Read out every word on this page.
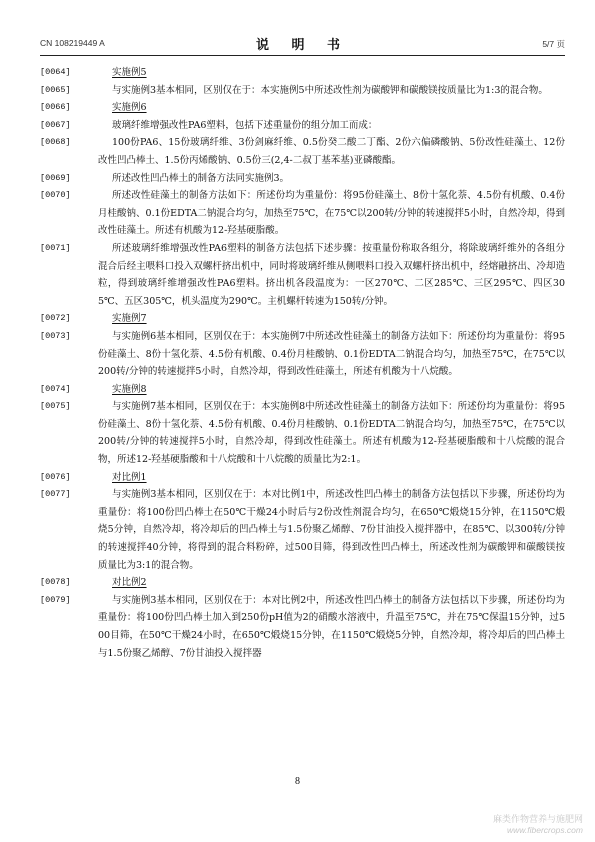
CN 108219449 A	说 明 书	5/7 页
[0064]	实施例5
[0065]	与实施例3基本相同，区别仅在于：本实施例5中所述改性剂为碳酸钾和碳酸镁按质量比为1:3的混合物。
[0066]	实施例6
[0067]	玻璃纤维增强改性PA6塑料，包括下述重量份的组分加工而成：
[0068]	100份PA6、15份玻璃纤维、3份剑麻纤维、0.5份癸二酸二丁酯、2份六偏磷酸钠、5份改性硅藻土、12份改性凹凸棒土、1.5份丙烯酸钠、0.5份三(2,4-二叔丁基苯基)亚磷酸酯。
[0069]	所述改性凹凸棒土的制备方法同实施例3。
[0070]	所述改性硅藻土的制备方法如下：所述份均为重量份：将95份硅藻土、8份十氢化萘、4.5份有机酸、0.4份月桂酸钠、0.1份EDTA二钠混合均匀，加热至75℃，在75℃以200转/分钟的转速搅拌5小时，自然冷却，得到改性硅藻土。所述有机酸为12-羟基硬脂酸。
[0071]	所述玻璃纤维增强改性PA6塑料的制备方法包括下述步骤：按重量份称取各组分，将除玻璃纤维外的各组分混合后经主喂料口投入双螺杆挤出机中，同时将玻璃纤维从侧喂料口投入双螺杆挤出机中，经熔融挤出、冷却造粒，得到玻璃纤维增强改性PA6塑料。挤出机各段温度为：一区270℃、二区285℃、三区295℃、四区305℃、五区305℃，机头温度为290℃。主机螺杆转速为150转/分钟。
[0072]	实施例7
[0073]	与实施例6基本相同，区别仅在于：本实施例7中所述改性硅藻土的制备方法如下：所述份均为重量份：将95份硅藻土、8份十氢化萘、4.5份有机酸、0.4份月桂酸钠、0.1份EDTA二钠混合均匀，加热至75℃，在75℃以200转/分钟的转速搅拌5小时，自然冷却，得到改性硅藻土，所述有机酸为十八烷酸。
[0074]	实施例8
[0075]	与实施例7基本相同，区别仅在于：本实施例8中所述改性硅藻土的制备方法如下：所述份均为重量份：将95份硅藻土、8份十氢化萘、4.5份有机酸、0.4份月桂酸钠、0.1份EDTA二钠混合均匀，加热至75℃，在75℃以200转/分钟的转速搅拌5小时，自然冷却，得到改性硅藻土。所述有机酸为12-羟基硬脂酸和十八烷酸的混合物，所述12-羟基硬脂酸和十八烷酸和十八烷酸的质量比为2:1。
[0076]	对比例1
[0077]	与实施例3基本相同，区别仅在于：本对比例1中，所述改性凹凸棒土的制备方法包括以下步骤，所述份均为重量份：将100份凹凸棒土在50℃干燥24小时后与2份改性剂混合均匀，在650℃煅烧15分钟，在1150℃煅烧5分钟，自然冷却，将冷却后的凹凸棒土与1.5份聚乙烯醇、7份甘油投入搅拌器中，在85℃、以300转/分钟的转速搅拌40分钟，将得到的混合料粉碎，过500目筛，得到改性凹凸棒土，所述改性剂为碳酸钾和碳酸镁按质量比为3:1的混合物。
[0078]	对比例2
[0079]	与实施例3基本相同，区别仅在于：本对比例2中，所述改性凹凸棒土的制备方法包括以下步骤，所述份均为重量份：将100份凹凸棒土加入到250份pH值为2的硝酸水溶液中，升温至75℃，并在75℃保温15分钟，过500目筛，在50℃干燥24小时，在650℃煅烧15分钟，在1150℃煅烧5分钟，自然冷却，将冷却后的凹凸棒土与1.5份聚乙烯醇、7份甘油投入搅拌器
8
麻类作物营养与施肥网
www.fibercrops.com
